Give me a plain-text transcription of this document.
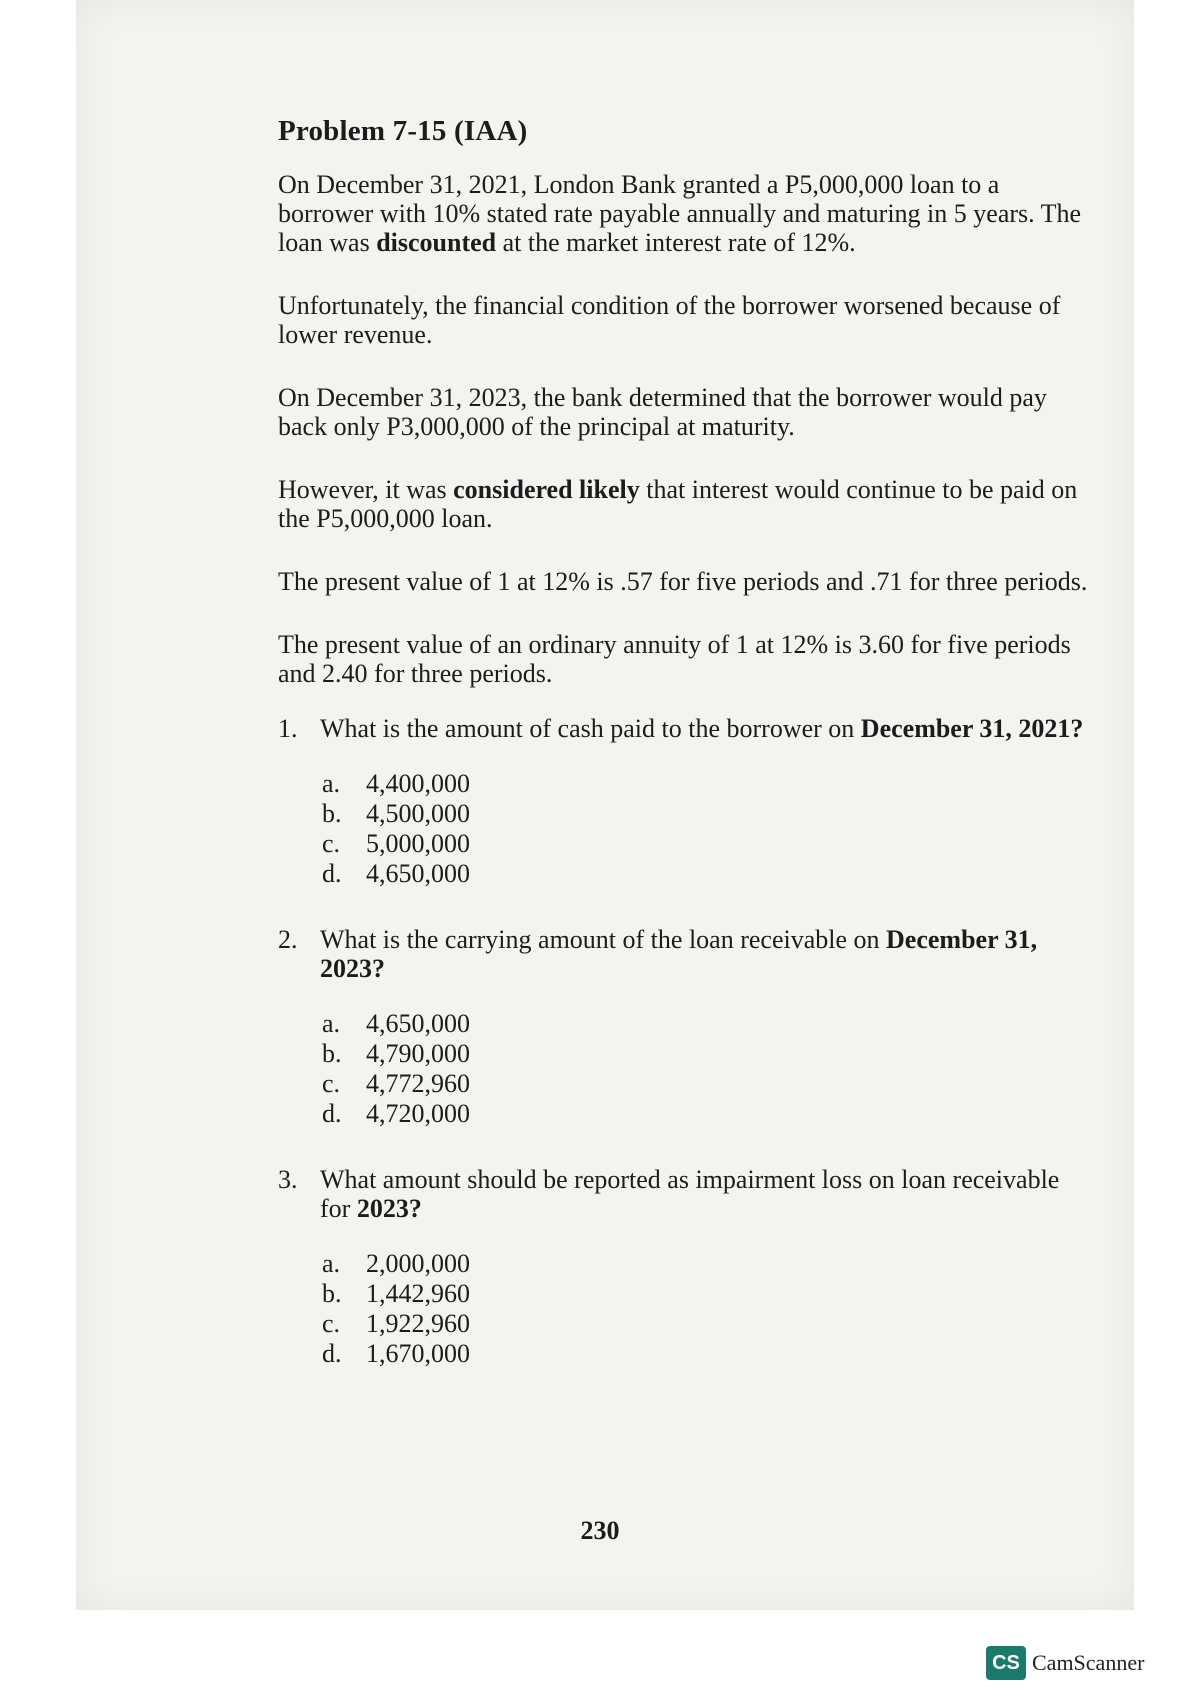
Problem 7-15 (IAA)

On December 31, 2021, London Bank granted a P5,000,000 loan to a borrower with 10% stated rate payable annually and maturing in 5 years. The loan was discounted at the market interest rate of 12%.

Unfortunately, the financial condition of the borrower worsened because of lower revenue.

On December 31, 2023, the bank determined that the borrower would pay back only P3,000,000 of the principal at maturity.

However, it was considered likely that interest would continue to be paid on the P5,000,000 loan.

The present value of 1 at 12% is .57 for five periods and .71 for three periods.

The present value of an ordinary annuity of 1 at 12% is 3.60 for five periods and 2.40 for three periods.

1. What is the amount of cash paid to the borrower on December 31, 2021?
a. 4,400,000
b. 4,500,000
c. 5,000,000
d. 4,650,000
2. What is the carrying amount of the loan receivable on December 31, 2023?
a. 4,650,000
b. 4,790,000
c. 4,772,960
d. 4,720,000
3. What amount should be reported as impairment loss on loan receivable for 2023?
a. 2,000,000
b. 1,442,960
c. 1,922,960
d. 1,670,000
230
CS CamScanner
